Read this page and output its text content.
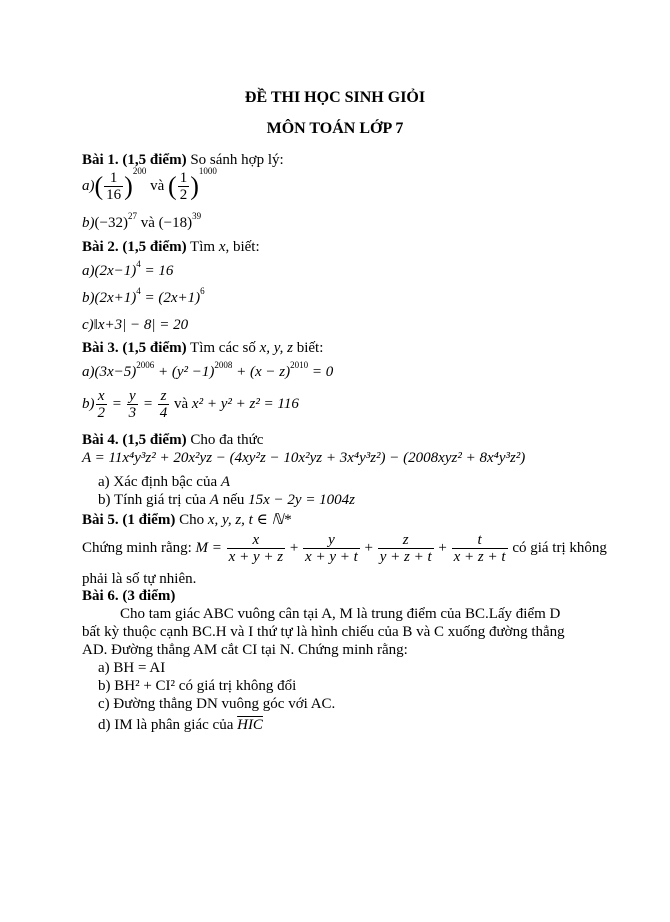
ĐỀ THI HỌC SINH GIỎI
MÔN TOÁN LỚP 7
Bài 1. (1,5 điểm) So sánh hợp lý:
$a)( \frac{1}{16} )^{200}$ và ( $\frac{1}{2} )^{1000}$
$b)(-32)^{27}$ và $(-18)^{39}$
Bài 2. (1,5 điểm) Tìm x, biết:
$a)(2x-1)^4 = 16$
$b)(2x+1)^4 = (2x+1)^6$
c)‖x+3| − 8| = 20
Bài 3. (1,5 điểm) Tìm các số x, y, z biết:
$a)(3x-5)^{2006} + (y^2 -1)^{2008} + (x - z)^{2010} = 0$
$b) \frac{x}{2} = \frac{y}{3} = \frac{z}{4}$ và x² + y² + z² = 116
Bài 4. (1,5 điểm) Cho đa thức
A = 11x⁴y³z² + 20x²yz − (4xy²z − 10x²yz + 3x⁴y³z²) − (2008xyz² + 8x⁴y³z²)
a) Xác định bậc của A
b) Tính giá trị của A nếu 15x − 2y = 1004z
Bài 5. (1 điểm) Cho x, y, z, t ∈ ℕ*
Chứng minh rằng: $M = \frac{x}{x + y + z} + \frac{y}{x + y + t} + \frac{z}{y + z + t} + \frac{t}{x + z + t}$ có giá trị không
phải là số tự nhiên.
Bài 6. (3 điểm)
Cho tam giác ABC vuông cân tại A, M là trung điểm của BC.Lấy điểm D
bất kỳ thuộc cạnh BC.H và I thứ tự là hình chiếu của B và C xuống đường thẳng
AD. Đường thẳng AM cắt CI tại N. Chứng minh rằng:
a) BH = AI
b) BH² + CI² có giá trị không đổi
c) Đường thẳng DN vuông góc với AC.
d) IM là phân giác của $\overline{HIC}$
